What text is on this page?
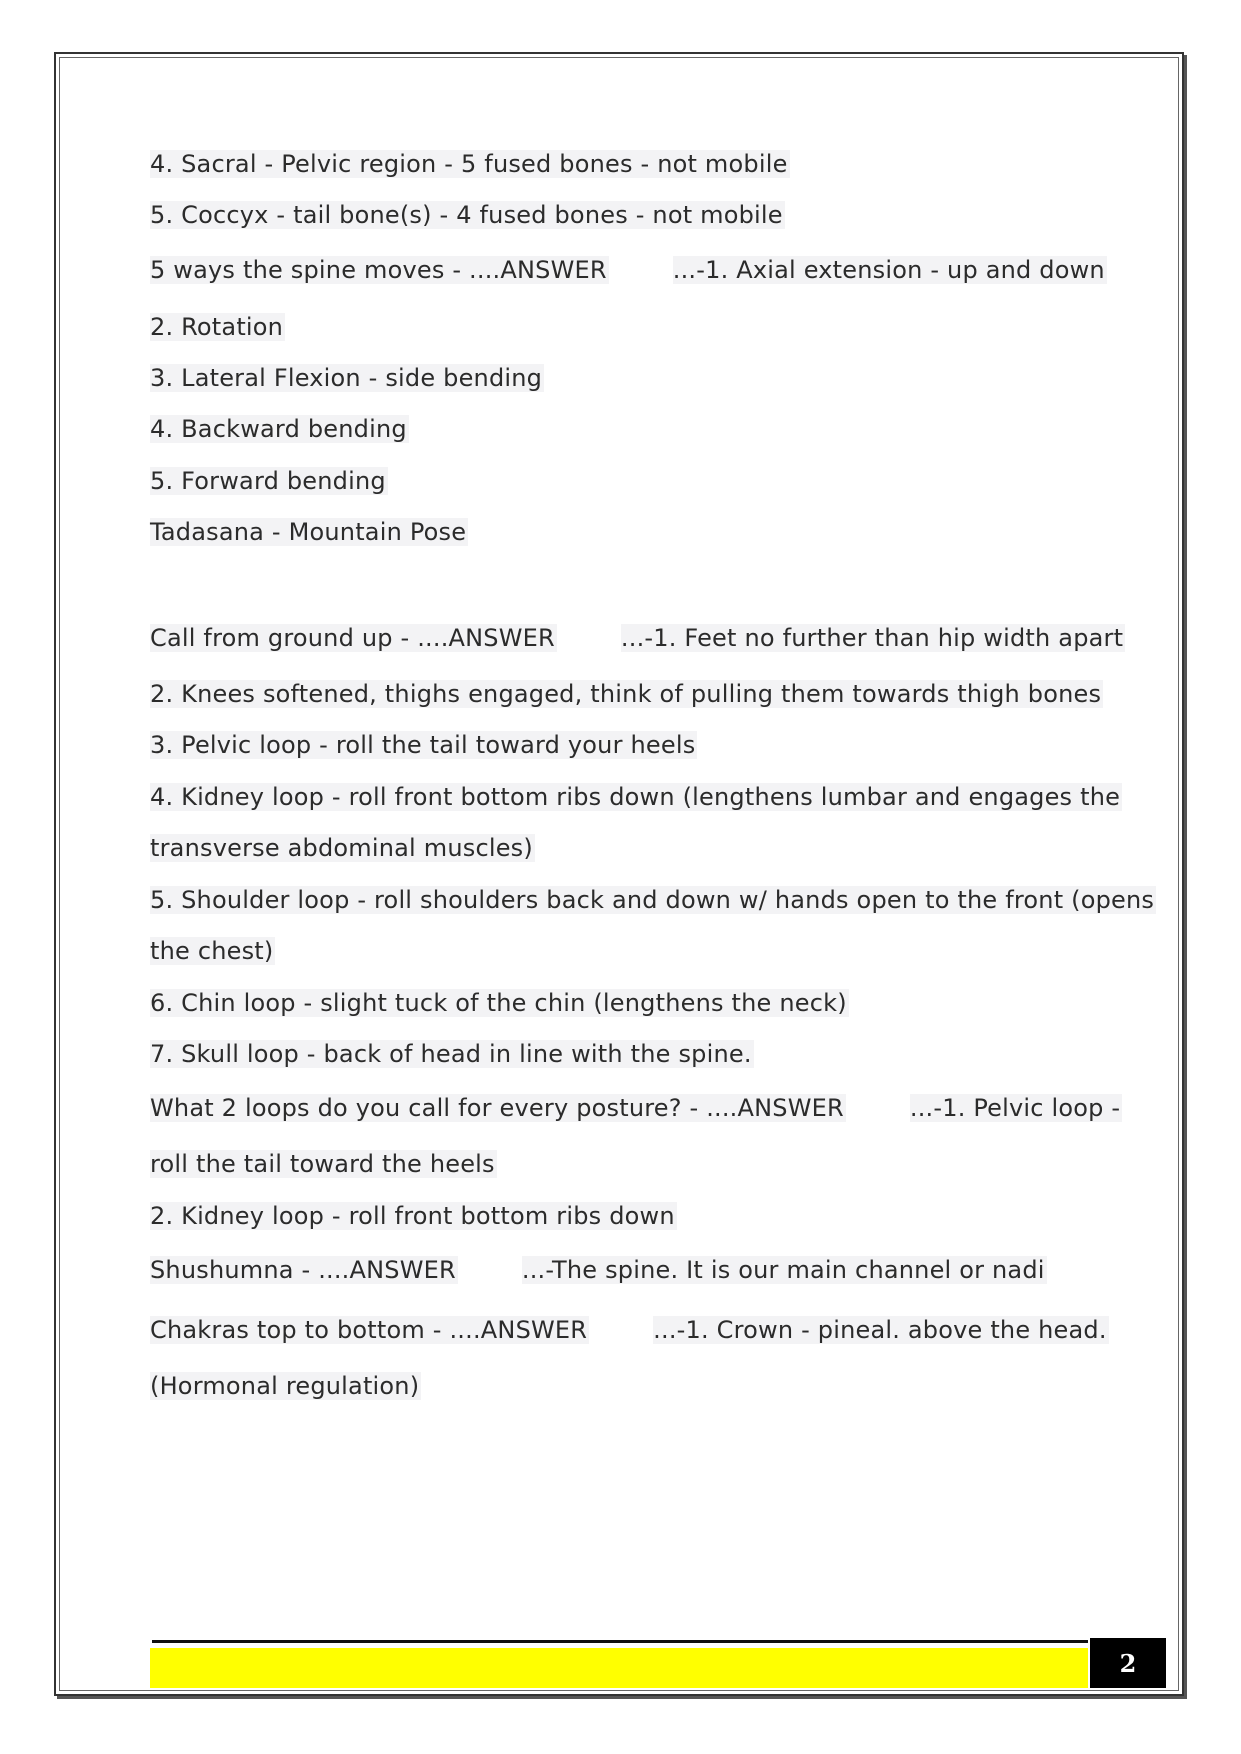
4. Sacral - Pelvic region - 5 fused bones - not mobile
5. Coccyx - tail bone(s) - 4 fused bones - not mobile
5 ways the spine moves - ....ANSWER	...-1. Axial extension - up and down
2. Rotation
3. Lateral Flexion - side bending
4. Backward bending
5. Forward bending
Tadasana - Mountain Pose
Call from ground up - ....ANSWER	...-1. Feet no further than hip width apart
2. Knees softened, thighs engaged, think of pulling them towards thigh bones
3. Pelvic loop - roll the tail toward your heels
4. Kidney loop - roll front bottom ribs down (lengthens lumbar and engages the
transverse abdominal muscles)
5. Shoulder loop - roll shoulders back and down w/ hands open to the front (opens
the chest)
6. Chin loop - slight tuck of the chin (lengthens the neck)
7. Skull loop - back of head in line with the spine.
What 2 loops do you call for every posture? - ....ANSWER	...-1. Pelvic loop -
roll the tail toward the heels
2. Kidney loop - roll front bottom ribs down
Shushumna - ....ANSWER	...-The spine. It is our main channel or nadi
Chakras top to bottom - ....ANSWER	...-1. Crown - pineal. above the head.
(Hormonal regulation)
2
